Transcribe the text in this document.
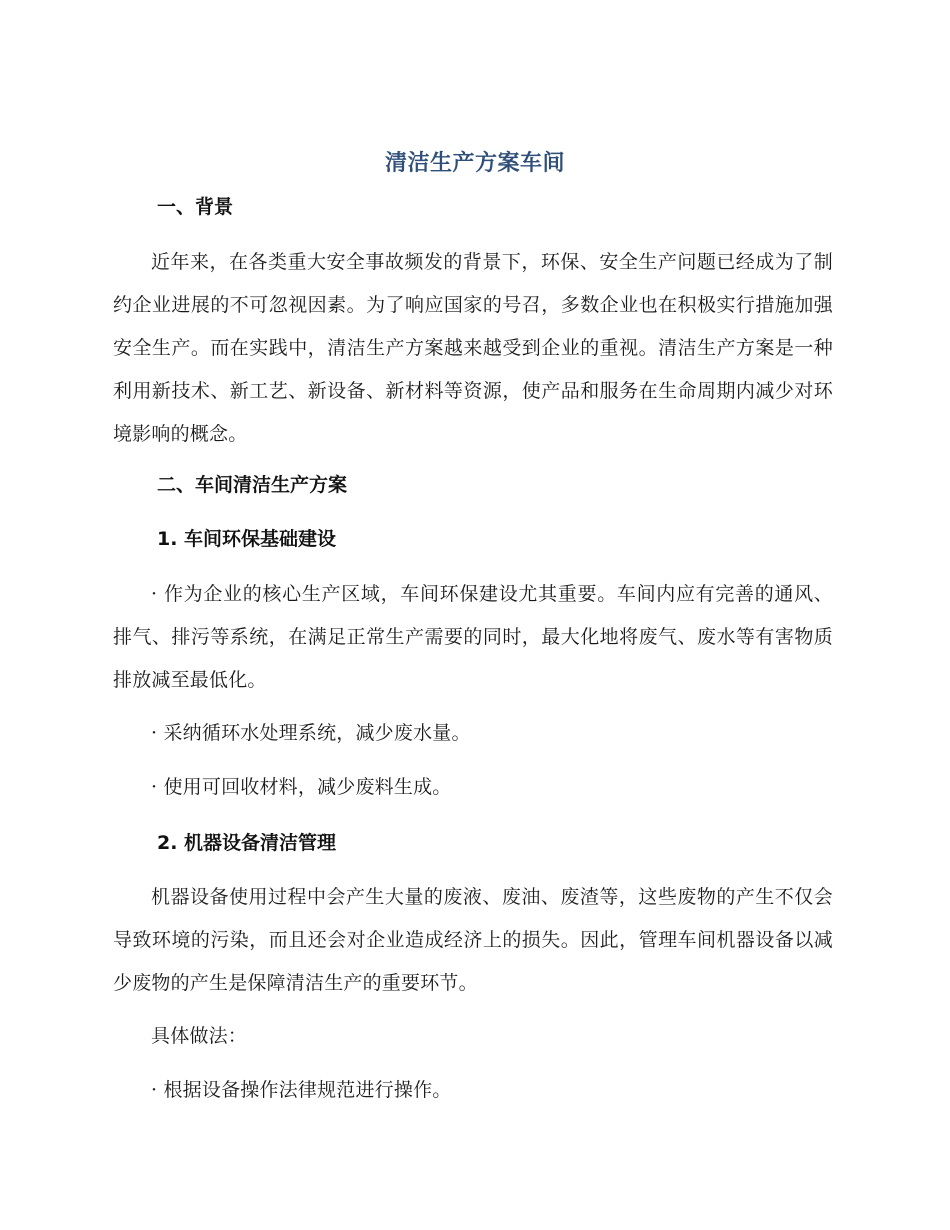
清洁生产方案车间
一、背景

近年来，在各类重大安全事故频发的背景下，环保、安全生产问题已经成为了制约企业进展的不可忽视因素。为了响应国家的号召，多数企业也在积极实行措施加强安全生产。而在实践中，清洁生产方案越来越受到企业的重视。清洁生产方案是一种利用新技术、新工艺、新设备、新材料等资源，使产品和服务在生命周期内减少对环境影响的概念。

二、车间清洁生产方案
1. 车间环保基础建设

· 作为企业的核心生产区域，车间环保建设尤其重要。车间内应有完善的通风、排气、排污等系统，在满足正常生产需要的同时，最大化地将废气、废水等有害物质排放减至最低化。

· 采纳循环水处理系统，减少废水量。

· 使用可回收材料，减少废料生成。

2. 机器设备清洁管理

机器设备使用过程中会产生大量的废液、废油、废渣等，这些废物的产生不仅会导致环境的污染，而且还会对企业造成经济上的损失。因此，管理车间机器设备以减少废物的产生是保障清洁生产的重要环节。

具体做法：

· 根据设备操作法律规范进行操作。
